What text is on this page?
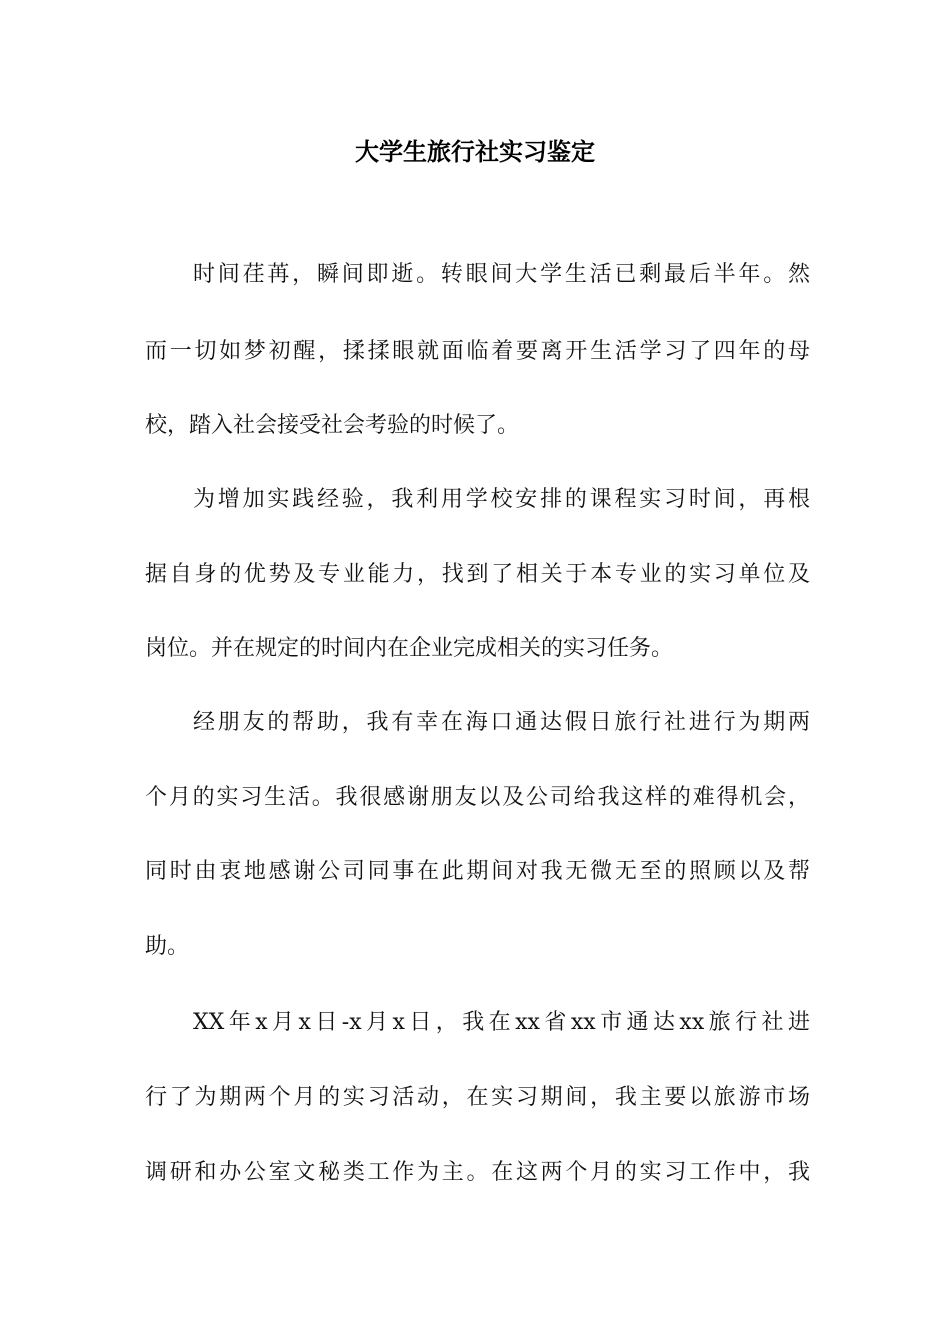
大学生旅行社实习鉴定

时间荏苒，瞬间即逝。转眼间大学生活已剩最后半年。然

而一切如梦初醒，揉揉眼就面临着要离开生活学习了四年的母

校，踏入社会接受社会考验的时候了。

为增加实践经验，我利用学校安排的课程实习时间，再根

据自身的优势及专业能力，找到了相关于本专业的实习单位及

岗位。并在规定的时间内在企业完成相关的实习任务。

经朋友的帮助，我有幸在海口通达假日旅行社进行为期两

个月的实习生活。我很感谢朋友以及公司给我这样的难得机会，

同时由衷地感谢公司同事在此期间对我无微无至的照顾以及帮

助。

XX年x月x日-x月x日，我在xx省xx市通达xx旅行社进

行了为期两个月的实习活动，在实习期间，我主要以旅游市场

调研和办公室文秘类工作为主。在这两个月的实习工作中，我
